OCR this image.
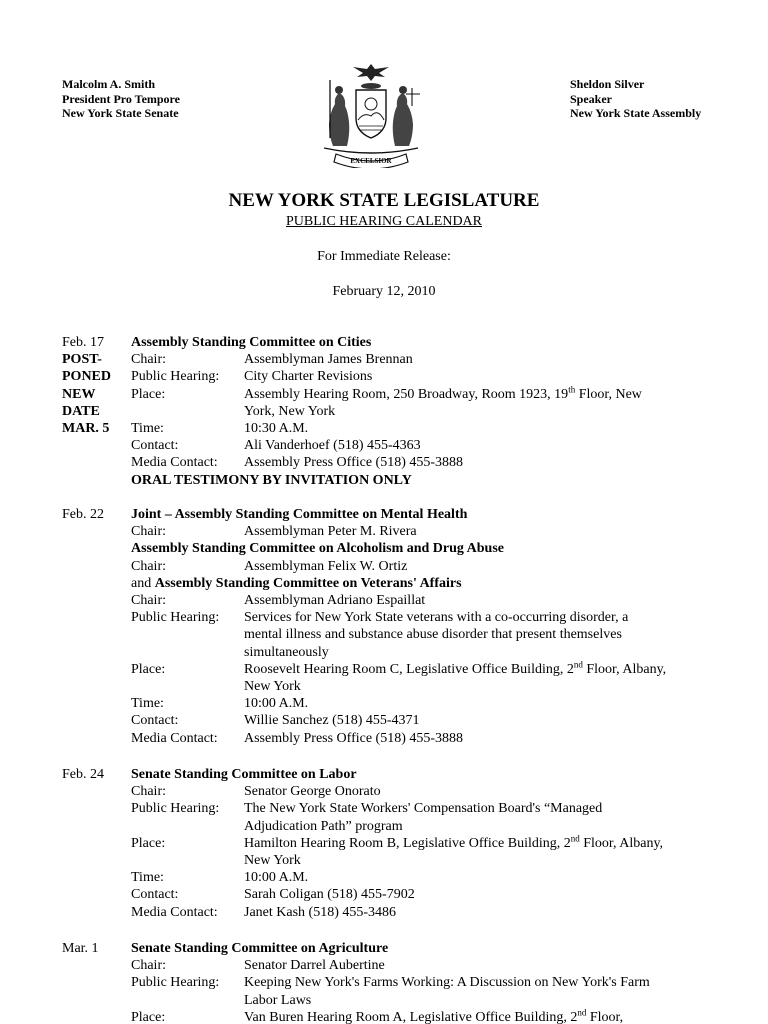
Malcolm A. Smith
President Pro Tempore
New York State Senate
EXCELSIOR
Sheldon Silver
Speaker
New York State Assembly
NEW YORK STATE LEGISLATURE
PUBLIC HEARING CALENDAR
For Immediate Release:
February 12, 2010
Feb. 17	Assembly Standing Committee on Cities
POST-	Chair:	Assemblyman James Brennan
PONED	Public Hearing:	City Charter Revisions
NEW	Place:	Assembly Hearing Room, 250 Broadway, Room 1923, 19th Floor, New
DATE	York, New York
MAR. 5	Time:	10:30 A.M.
Contact:	Ali Vanderhoef (518) 455-4363
Media Contact:	Assembly Press Office (518) 455-3888
ORAL TESTIMONY BY INVITATION ONLY
Feb. 22	Joint – Assembly Standing Committee on Mental Health
Chair:	Assemblyman Peter M. Rivera
Assembly Standing Committee on Alcoholism and Drug Abuse
Chair:	Assemblyman Felix W. Ortiz
and Assembly Standing Committee on Veterans' Affairs
Chair:	Assemblyman Adriano Espaillat
Public Hearing:	Services for New York State veterans with a co-occurring disorder, a
mental illness and substance abuse disorder that present themselves
simultaneously
Place:	Roosevelt Hearing Room C, Legislative Office Building, 2nd Floor, Albany,
New York
Time:	10:00 A.M.
Contact:	Willie Sanchez (518) 455-4371
Media Contact:	Assembly Press Office (518) 455-3888
Feb. 24	Senate Standing Committee on Labor
Chair:	Senator George Onorato
Public Hearing:	The New York State Workers' Compensation Board's “Managed
Adjudication Path” program
Place:	Hamilton Hearing Room B, Legislative Office Building, 2nd Floor, Albany,
New York
Time:	10:00 A.M.
Contact:	Sarah Coligan (518) 455-7902
Media Contact:	Janet Kash (518) 455-3486
Mar. 1	Senate Standing Committee on Agriculture
Chair:	Senator Darrel Aubertine
Public Hearing:	Keeping New York's Farms Working: A Discussion on New York's Farm
Labor Laws
Place:	Van Buren Hearing Room A, Legislative Office Building, 2nd Floor,
